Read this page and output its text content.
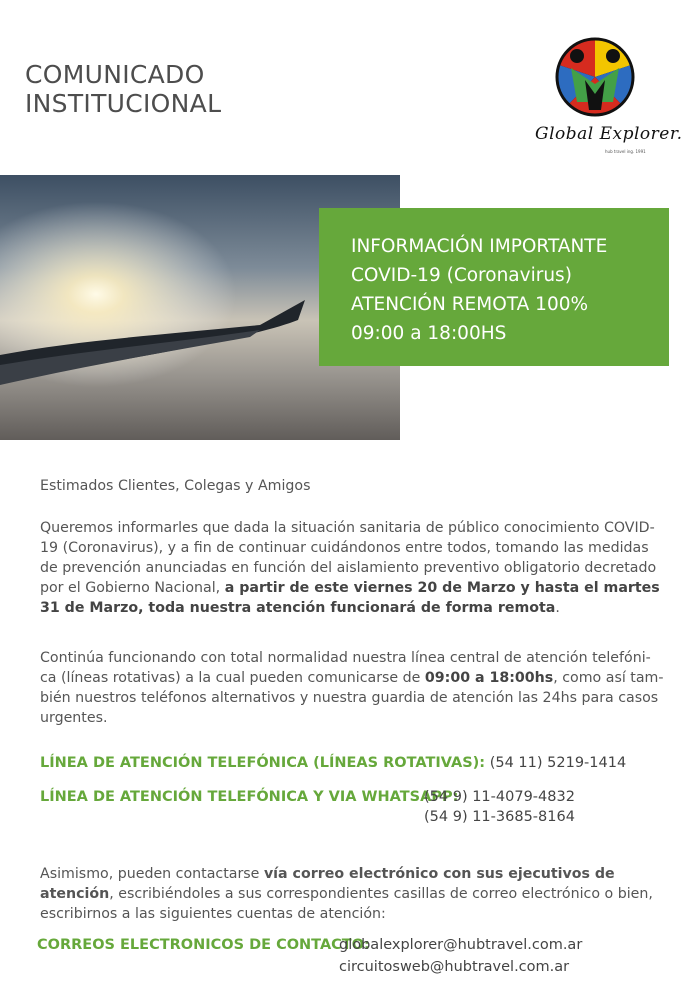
COMUNICADO
INSTITUCIONAL
Global Explorer.
hub travel ing. 1991
INFORMACIÓN IMPORTANTE
COVID-19 (Coronavirus)
ATENCIÓN REMOTA 100%
09:00 a 18:00HS

Estimados Clientes, Colegas y Amigos

Queremos informarles que dada la situación sanitaria de público conocimiento COVID-19 (Coronavirus), y a fin de continuar cuidándonos entre todos, tomando las medidas de prevención anunciadas en función del aislamiento preventivo obligatorio decretado por el Gobierno Nacional, a partir de este viernes 20 de Marzo y hasta el martes 31 de Marzo, toda nuestra atención funcionará de forma remota.

Continúa funcionando con total normalidad nuestra línea central de atención telefóni-ca (líneas rotativas) a la cual pueden comunicarse de 09:00 a 18:00hs, como así tam-bién nuestros teléfonos alternativos y nuestra guardia de atención las 24hs para casos urgentes.

LÍNEA DE ATENCIÓN TELEFÓNICA (LÍNEAS ROTATIVAS): (54 11) 5219-1414
LÍNEA DE ATENCIÓN TELEFÓNICA Y VIA WHATSAPP:
(54 9) 11-4079-4832
(54 9) 11-3685-8164

Asimismo, pueden contactarse vía correo electrónico con sus ejecutivos de atención, escribiéndoles a sus correspondientes casillas de correo electrónico o bien, escribirnos a las siguientes cuentas de atención:

CORREOS ELECTRONICOS DE CONTACTO:
globalexplorer@hubtravel.com.ar
circuitosweb@hubtravel.com.ar
